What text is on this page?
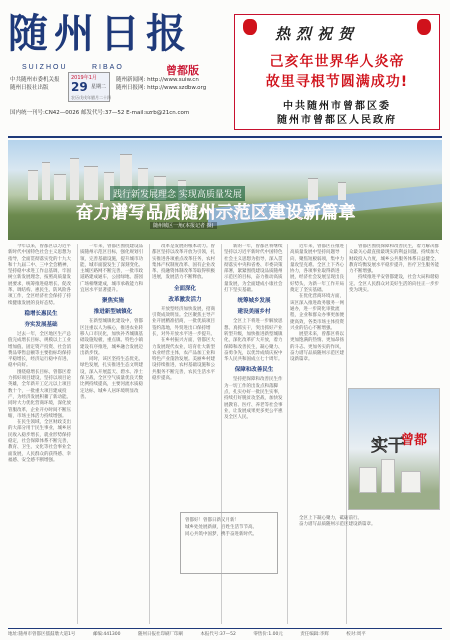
随州日报
SUIZHOU	RIBAO	曾都版
中共随州市委机关报
随州日报社出版
2019年1月
29 星期二
农历戊戌年腊月二十四
随州新闻网: http://www.suiw.cn
随州日报网: http://www.szdbw.org
国内统一刊号:CN42—0026 邮发代号:37—52 E-mail:szrb@21cn.com
热烈祝贺
己亥年世界华人炎帝
故里寻根节圆满成功!
中共随州市曾都区委
随州市曾都区人民政府
践行新发展理念 实现高质量发展
奋力谱写品质随州示范区建设新篇章
随州城区一角(本报记者 摄)

今年以来，曾都区以习近平新时代中国特色社会主义思想为指导，全面贯彻落实党的十九大和十九届二中、三中全会精神，坚持稳中求进工作总基调，牢固树立新发展理念，按照高质量发展要求，统筹推进稳增长、促改革、调结构、惠民生、防风险各项工作，全区经济社会保持了持续健康发展的良好态势。

稳增长惠民生
夯实发展基础

过去一年，全区地区生产总值完成增长目标，规模以上工业增加值、固定资产投资、社会消费品零售总额等主要指标均保持平稳增长，经济运行稳中有进、稳中向好。

围绕稳增长目标，曾都区着力抓好项目建设，坚持以项目论英雄，全年新开工亿元以上项目数十个，一批重大项目建成投产，为经济发展积蓄了新动能。同时大力优化营商环境，深化放管服改革，企业开办时间不断压缩，市场主体活力持续增强。

在民生领域，全区财政支出的大部分用于民生事业，城乡居民收入稳步增长，就业形势保持稳定，社会保障体系不断完善，教育、卫生、文化等社会事业全面发展，人民群众的获得感、幸福感、安全感不断增强。

一年来，曾都区围绕建设品质随州示范区目标，强化规划引领，完善基础设施，提升城市功能，城市面貌发生了深刻变化。主城区路网不断完善，一批市政道路建成通车，公园绿地、游园广场相继建成，城市承载能力和宜居水平显著提升。

聚焦实施
推进新型城镇化

在新型城镇化建设中，曾都区注重以人为核心，推进农业转移人口市民化，加快补齐城镇基础设施短板，重点镇、特色小镇建设有序推进，城乡融合发展迈出新步伐。

同时，该区坚持生态优先、绿色发展，扎实推进生态文明建设，深入开展蓝天、碧水、净土保卫战，全区空气质量优良天数比例持续提高，主要河流水质稳定达标，城乡人居环境明显改善。

改革是发展的根本动力。曾都区坚持以改革开放为引领，扎实推进各项重点改革任务，农村集体产权制度改革、国有企业改革、投融资体制改革等取得积极进展，发展活力不断释放。

全面深化
改革激发活力

开放型经济加快发展，招商引资成效明显。全区聚焦主导产业开展精准招商，一批优质项目签约落地，外贸进出口保持增长，对外开放水平进一步提升。

在乡村振兴方面，曾都区大力发展现代农业，培育壮大新型农业经营主体，农产品加工业和特色产业蓬勃发展。美丽乡村建设持续推进，农村基础设施和公共服务不断完善，农民生活水平稳步提高。

新的一年，曾都区将继续坚持以习近平新时代中国特色社会主义思想为指导，深入贯彻落实中央和省委、市委决策部署，紧紧围绕建设品质随州示范区的目标，奋力推动高质量发展，为全面建成小康社会打下坚实基础。

统筹城乡发展
建设美丽乡村

全区上下将进一步解放思想、真抓实干，突出抓好产业转型升级，加快推进新型城镇化，深化改革扩大开放，着力保障和改善民生，凝心聚力、奋勇争先，以优异成绩庆祝中华人民共和国成立七十周年。

保障和改善民生

坚持把保障和改善民生作为一切工作的出发点和落脚点，扎实办好一批民生实事，持续打好脱贫攻坚战，加快发展教育、医疗、养老等社会事业，让发展成果更多更公平惠及全区人民。

近年来，曾都区在推进高质量发展中坚持问题导向，聚焦短板弱项，集中力量攻坚克难。全区上下齐心协力，各项事业取得新进展，经济社会发展呈现出良好势头，为新一年工作开局奠定了坚实基础。

在优化营商环境方面，该区深入推进政务服务一网通办，进一步简化审批流程，企业和群众办事更加便捷高效，各类市场主体投资兴业的信心不断增强。

展望未来，曾都区将以更加饱满的热情、更加昂扬的斗志、更加务实的作风，奋力谱写品质随州示范区建设新篇章。

曾都区围绕保障和改善民生，着力解决群众最关心最直接最现实的利益问题。持续加大财政投入力度，城乡公共服务体系日益健全，教育均衡发展水平稳步提升，医疗卫生服务能力不断增强。

持续推进平安曾都建设，社会大局和谐稳定。全区人民群众对美好生活的向往正一步步变为现实。

实干
曾都

曾都好！曾都日新又月新！

城乡处处展新颜，百姓生活节节高。

同心共筑中国梦，携手奋进新时代。

全区上下凝心聚力，砥砺前行。

奋力谱写品质随州示范区建设新篇章。

地址:随州市曾都区擂鼓墩大道1号	邮编:441300	随州日报社印刷厂印刷	本报代号:37—52	零售价:1.00元	责任编辑:李辉	校对:周平
